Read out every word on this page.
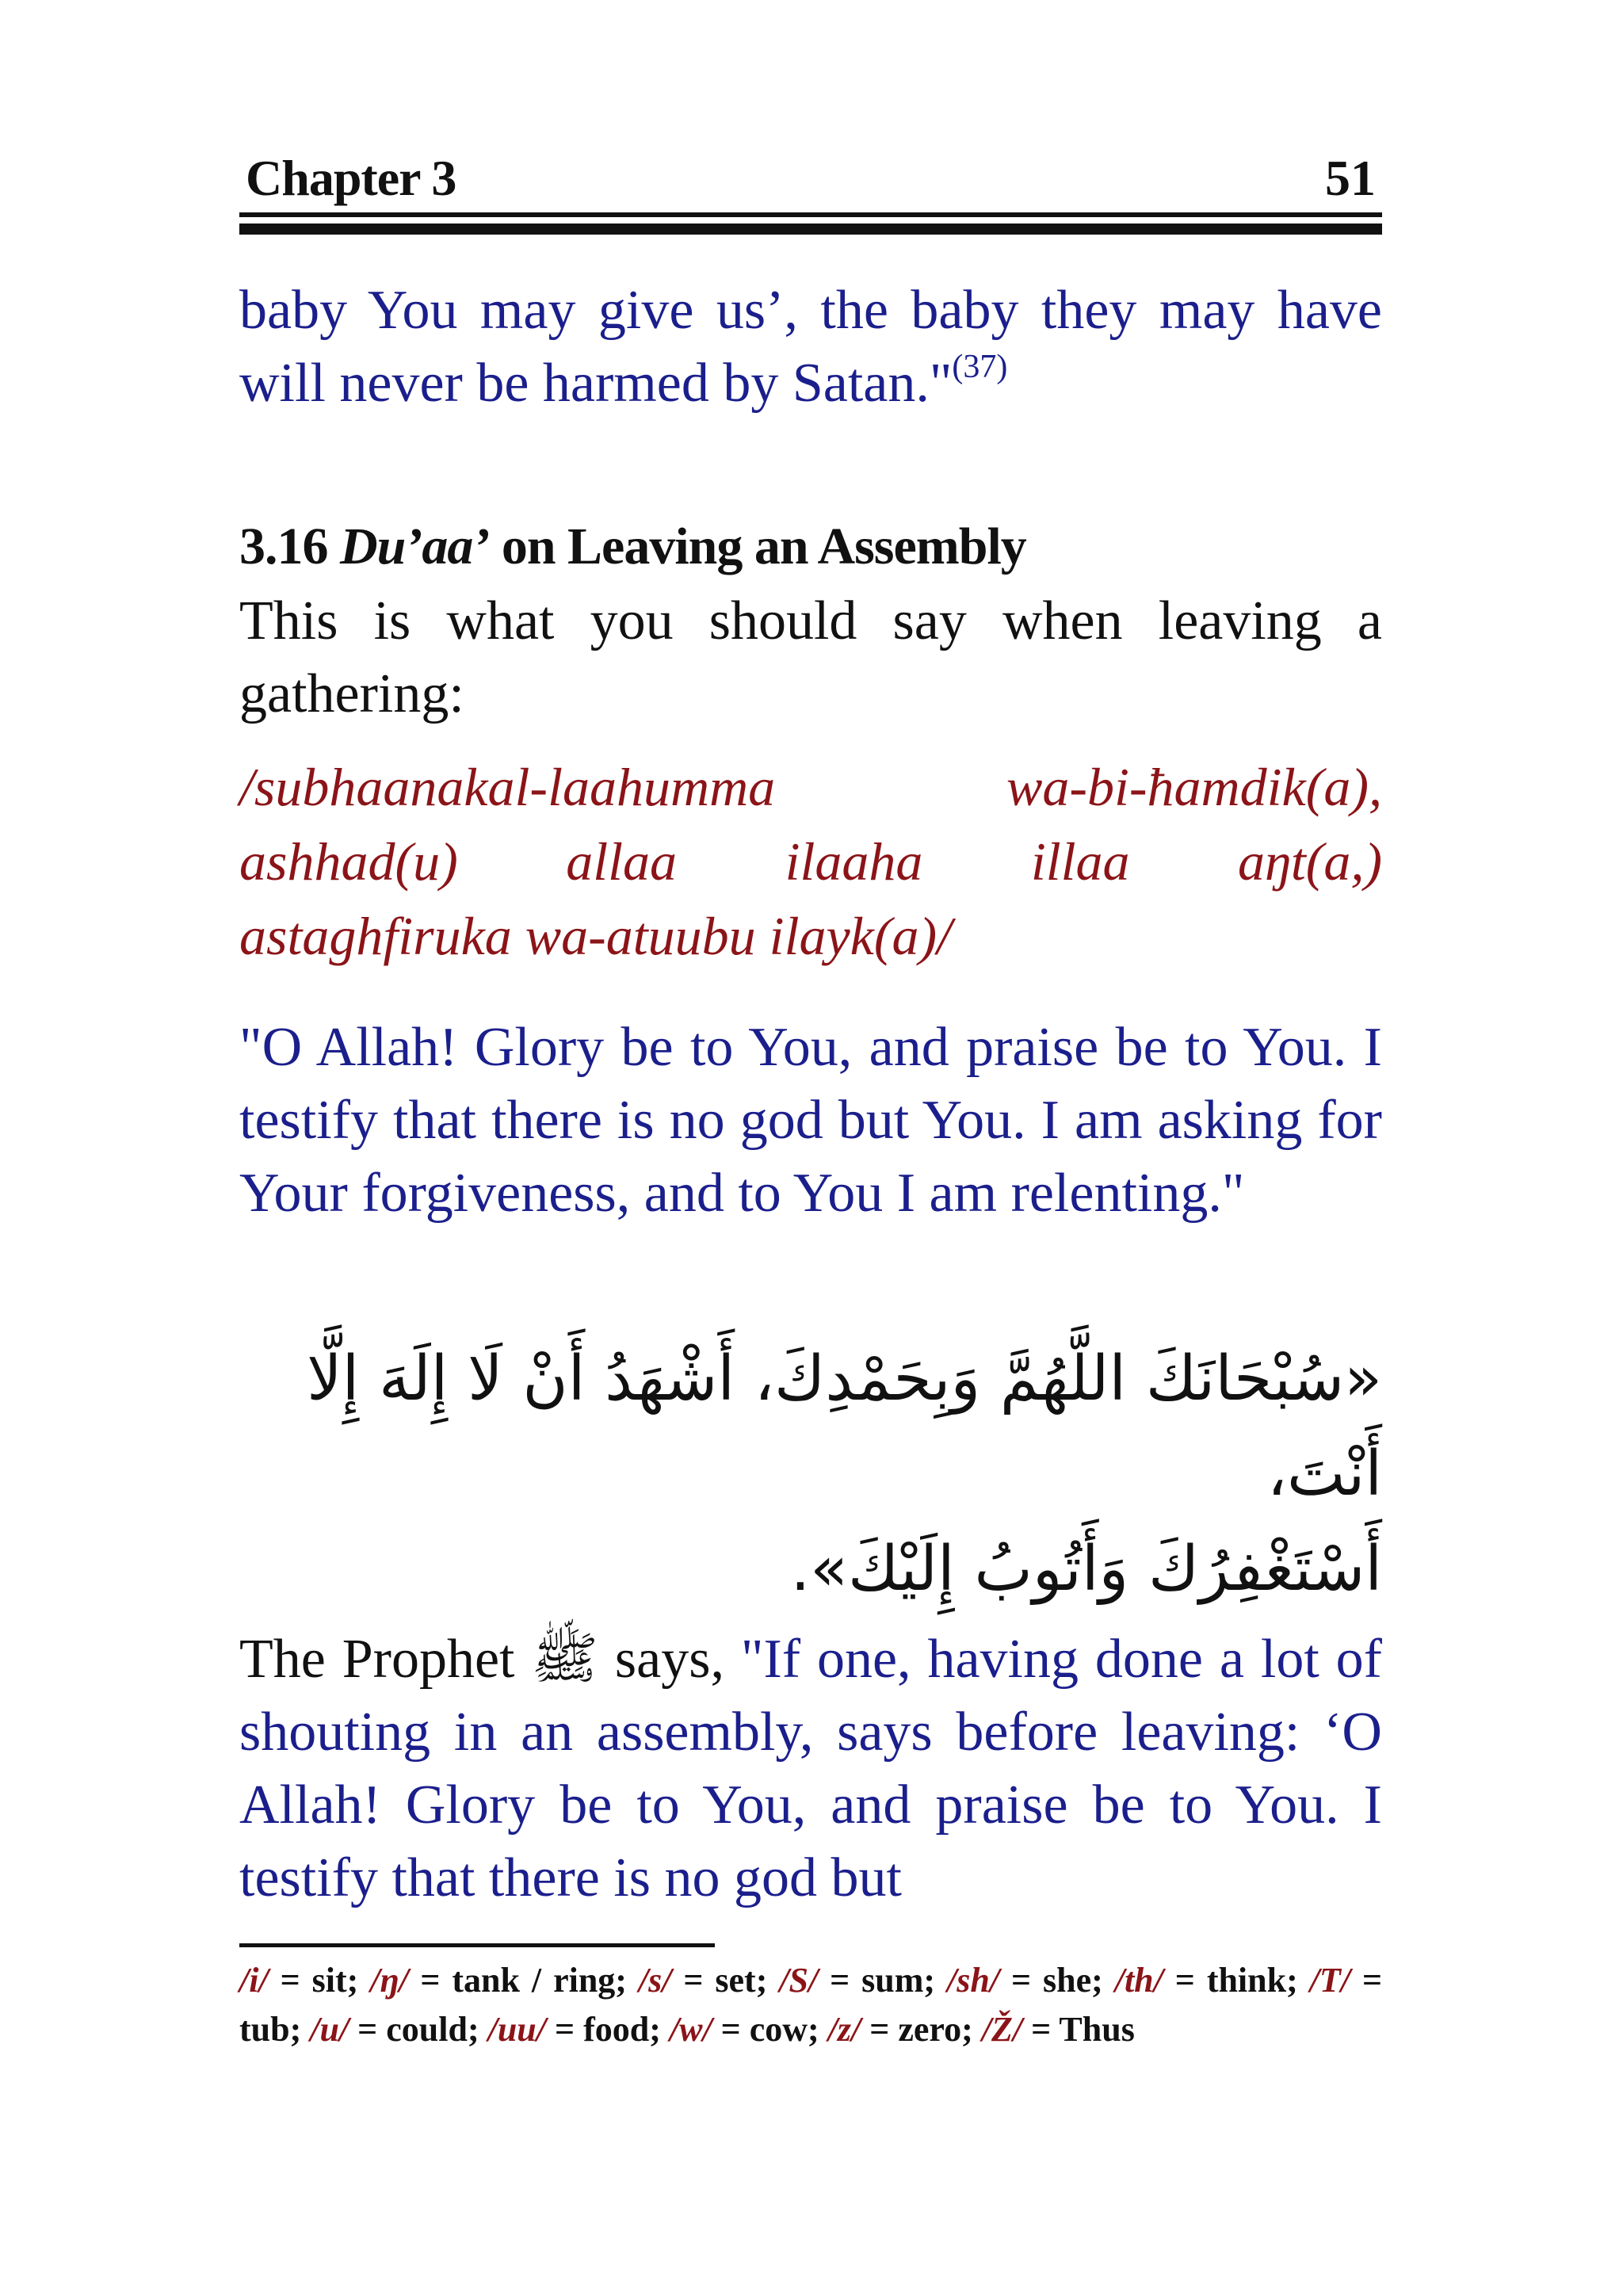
Chapter 3	51
baby You may give us’, the baby they may have will never be harmed by Satan."$^{(37)}$
3.16 Du’aa’ on Leaving an Assembly
This is what you should say when leaving a gathering:
/subhaanakal-laahumma	wa-bi-ħamdik(a),
ashhad(u) allaa ilaaha illaa aŋt(a,)
astaghfiruka wa-atuubu ilayk(a)/
"O Allah! Glory be to You, and praise be to You. I testify that there is no god but You. I am asking for Your forgiveness, and to You I am relenting."
«سُبْحَانَكَ اللَّهُمَّ وَبِحَمْدِكَ، أَشْهَدُ أَنْ لَا إِلَهَ إِلَّا أَنْتَ،
أَسْتَغْفِرُكَ وَأَتُوبُ إِلَيْكَ».
The Prophet ﷺ says, "If one, having done a lot of shouting in an assembly, says before leaving: ‘O Allah! Glory be to You, and praise be to You. I testify that there is no god but
/i/ = sit; /ŋ/ = tank / ring; /s/ = set; /S/ = sum; /sh/ = she; /th/ = think; /T/ = tub; /u/ = could; /uu/ = food; /w/ = cow; /z/ = zero; /Ž/ = Thus
